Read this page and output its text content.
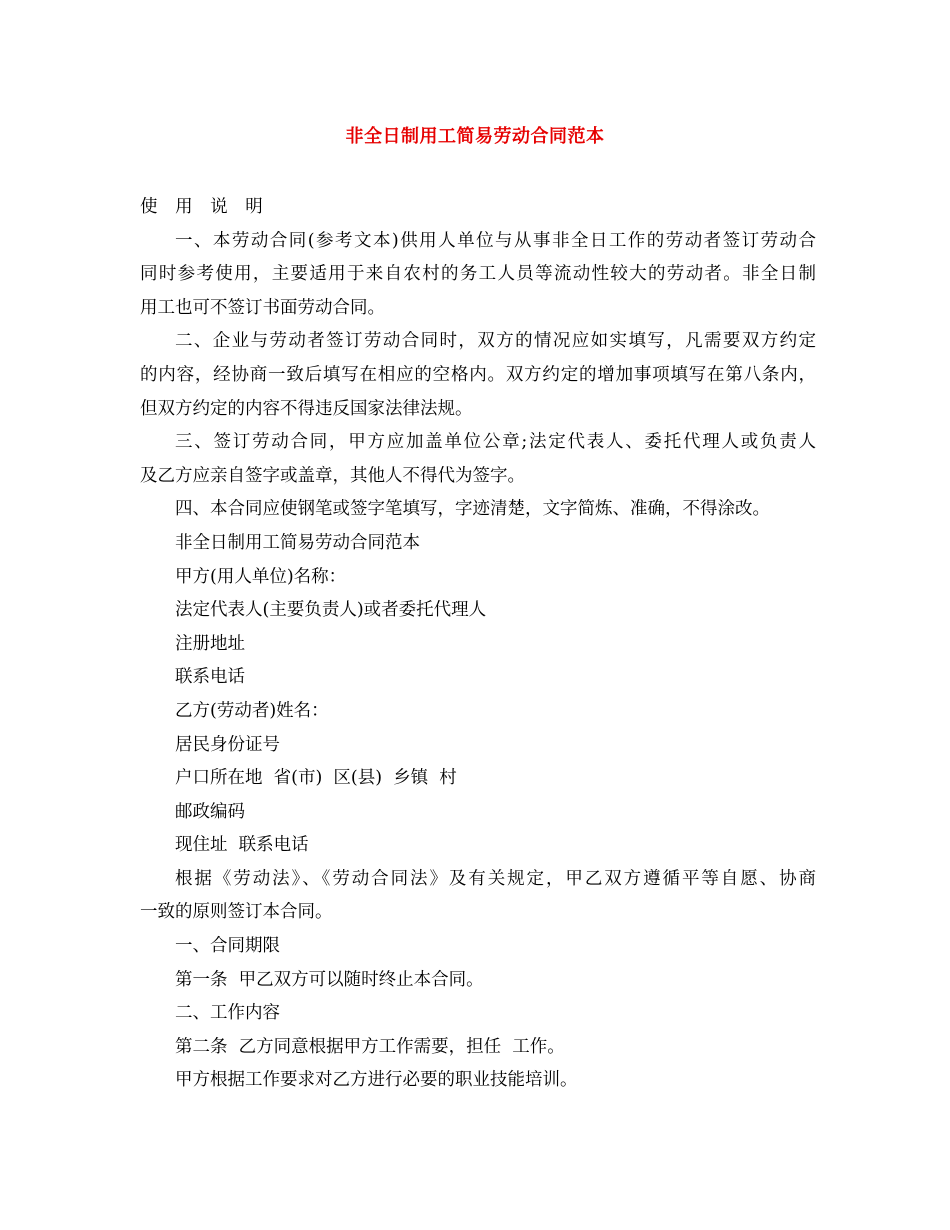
非全日制用工简易劳动合同范本
使 用 说 明
一、本劳动合同(参考文本)供用人单位与从事非全日工作的劳动者签订劳动合
同时参考使用，主要适用于来自农村的务工人员等流动性较大的劳动者。非全日制
用工也可不签订书面劳动合同。
二、企业与劳动者签订劳动合同时，双方的情况应如实填写，凡需要双方约定
的内容，经协商一致后填写在相应的空格内。双方约定的增加事项填写在第八条内，
但双方约定的内容不得违反国家法律法规。
三、签订劳动合同，甲方应加盖单位公章;法定代表人、委托代理人或负责人
及乙方应亲自签字或盖章，其他人不得代为签字。
四、本合同应使钢笔或签字笔填写，字迹清楚，文字简炼、准确，不得涂改。
非全日制用工简易劳动合同范本
甲方(用人单位)名称：
法定代表人(主要负责人)或者委托代理人
注册地址
联系电话
乙方(劳动者)姓名：
居民身份证号
户口所在地  省(市)  区(县)  乡镇  村
邮政编码
现住址  联系电话
根据《劳动法》、《劳动合同法》及有关规定，甲乙双方遵循平等自愿、协商
一致的原则签订本合同。
一、合同期限
第一条  甲乙双方可以随时终止本合同。
二、工作内容
第二条  乙方同意根据甲方工作需要，担任  工作。
甲方根据工作要求对乙方进行必要的职业技能培训。
